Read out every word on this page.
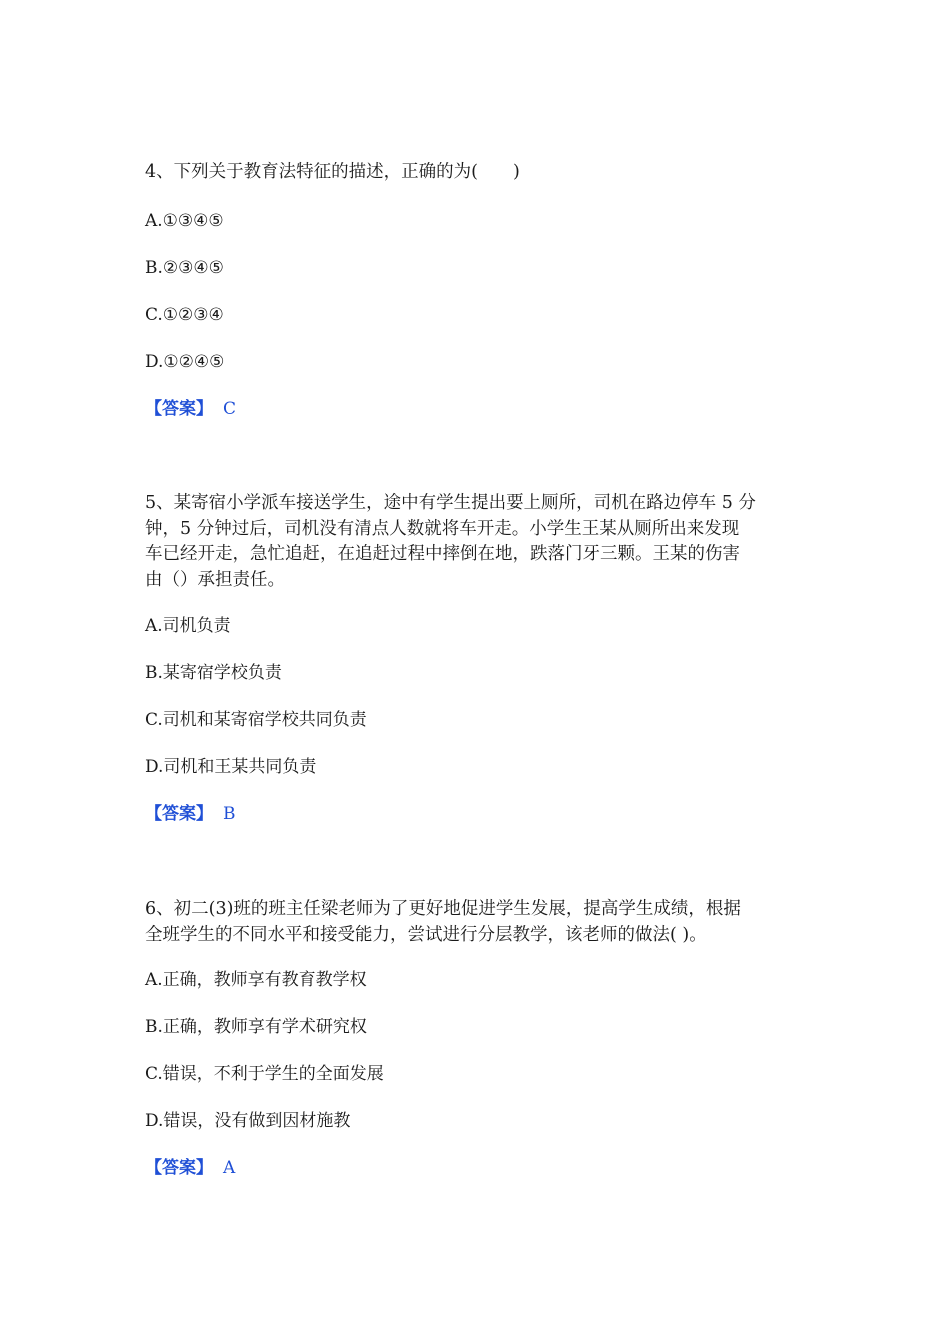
4、下列关于教育法特征的描述，正确的为(　　)
A.①③④⑤
B.②③④⑤
C.①②③④
D.①②④⑤
【答案】 C
5、某寄宿小学派车接送学生，途中有学生提出要上厕所，司机在路边停车 5 分
钟，5 分钟过后，司机没有清点人数就将车开走。小学生王某从厕所出来发现
车已经开走，急忙追赶，在追赶过程中摔倒在地，跌落门牙三颗。王某的伤害
由（）承担责任。
A.司机负责
B.某寄宿学校负责
C.司机和某寄宿学校共同负责
D.司机和王某共同负责
【答案】 B
6、初二(3)班的班主任梁老师为了更好地促进学生发展，提高学生成绩，根据
全班学生的不同水平和接受能力，尝试进行分层教学，该老师的做法( )。
A.正确，教师享有教育教学权
B.正确，教师享有学术研究权
C.错误，不利于学生的全面发展
D.错误，没有做到因材施教
【答案】 A
